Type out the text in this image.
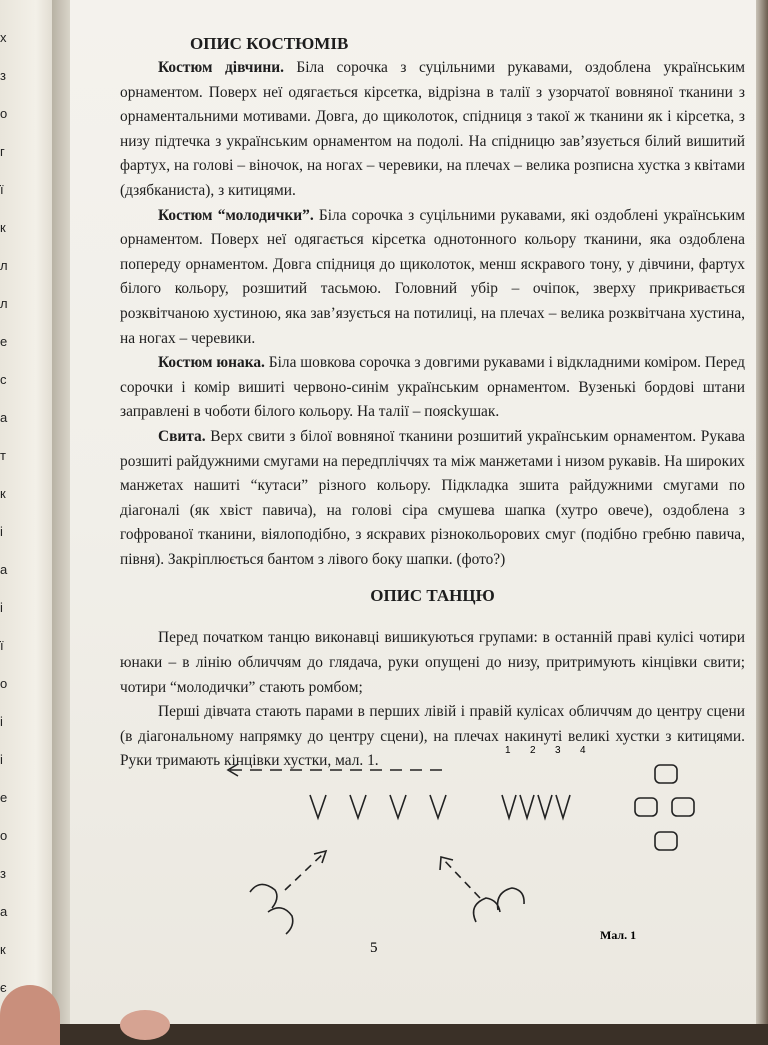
х
з
о
г
ї
к
л
л
е
с
а
т
к
і
а
і
ї
о
і
і
е
о
з
а
к
є
ОПИС КОСТЮМІВ

Костюм дівчини. Біла сорочка з суцільними рукавами, оздоблена українським орнаментом. Поверх неї одягається кірсетка, відрізна в талії з узорчатої вовняної тканини з орнаментальними мотивами. Довга, до щиколоток, спідниця з такої ж тканини як і кірсетка, з низу підтечка з українським орнаментом на подолі. На спідницю зав’язується білий вишитий фартух, на голові – віночок, на ногах – черевики, на плечах – велика розписна хустка з квітами (дзябканиста), з китицями.

Костюм “молодички”. Біла сорочка з суцільними рукавами, які оздоблені українським орнаментом. Поверх неї одягається кірсетка однотонного кольору тканини, яка оздоблена попереду орнаментом. Довга спідниця до щиколоток, менш яскравого тону, у дівчини, фартух білого кольору, розшитий тасьмою. Головний убір – очіпок, зверху прикривається розквітчаною хустиною, яка зав’язується на потилиці, на плечах – велика розквітчана хустина, на ногах – черевики.

Костюм юнака. Біла шовкова сорочка з довгими рукавами і відкладними коміром. Перед сорочки і комір вишиті червоно-синім українським орнаментом. Вузенькі бордові штани заправлені в чоботи білого кольору. На талії – поясkушак.

Свита. Верх свити з білої вовняної тканини розшитий українським орнаментом. Рукава розшиті райдужними смугами на передпліччях та між манжетами і низом рукавів. На широких манжетах нашиті “кутаси” різного кольору. Підкладка зшита райдужними смугами по діагоналі (як хвіст павича), на голові сіра смушева шапка (хутро овече), оздоблена з гофрованої тканини, віялоподібно, з яскравих різнокольорових смуг (подібно гребню павича, півня). Закріплюється бантом з лівого боку шапки. (фото?)

ОПИС ТАНЦЮ

Перед початком танцю виконавці вишикуються групами: в останній праві кулісі чотири юнаки – в лінію обличчям до глядача, руки опущені до низу, притримують кінцівки свити; чотири “молодички” стають ромбом;

Перші дівчата стають парами в перших лівій і правій кулісах обличчям до центру сцени (в діагональному напрямку до центру сцени), на плечах накинуті великі хустки з китицями. Руки тримають кінцівки хустки, мал. 1.

1 2 3 4
Мал. 1
5
